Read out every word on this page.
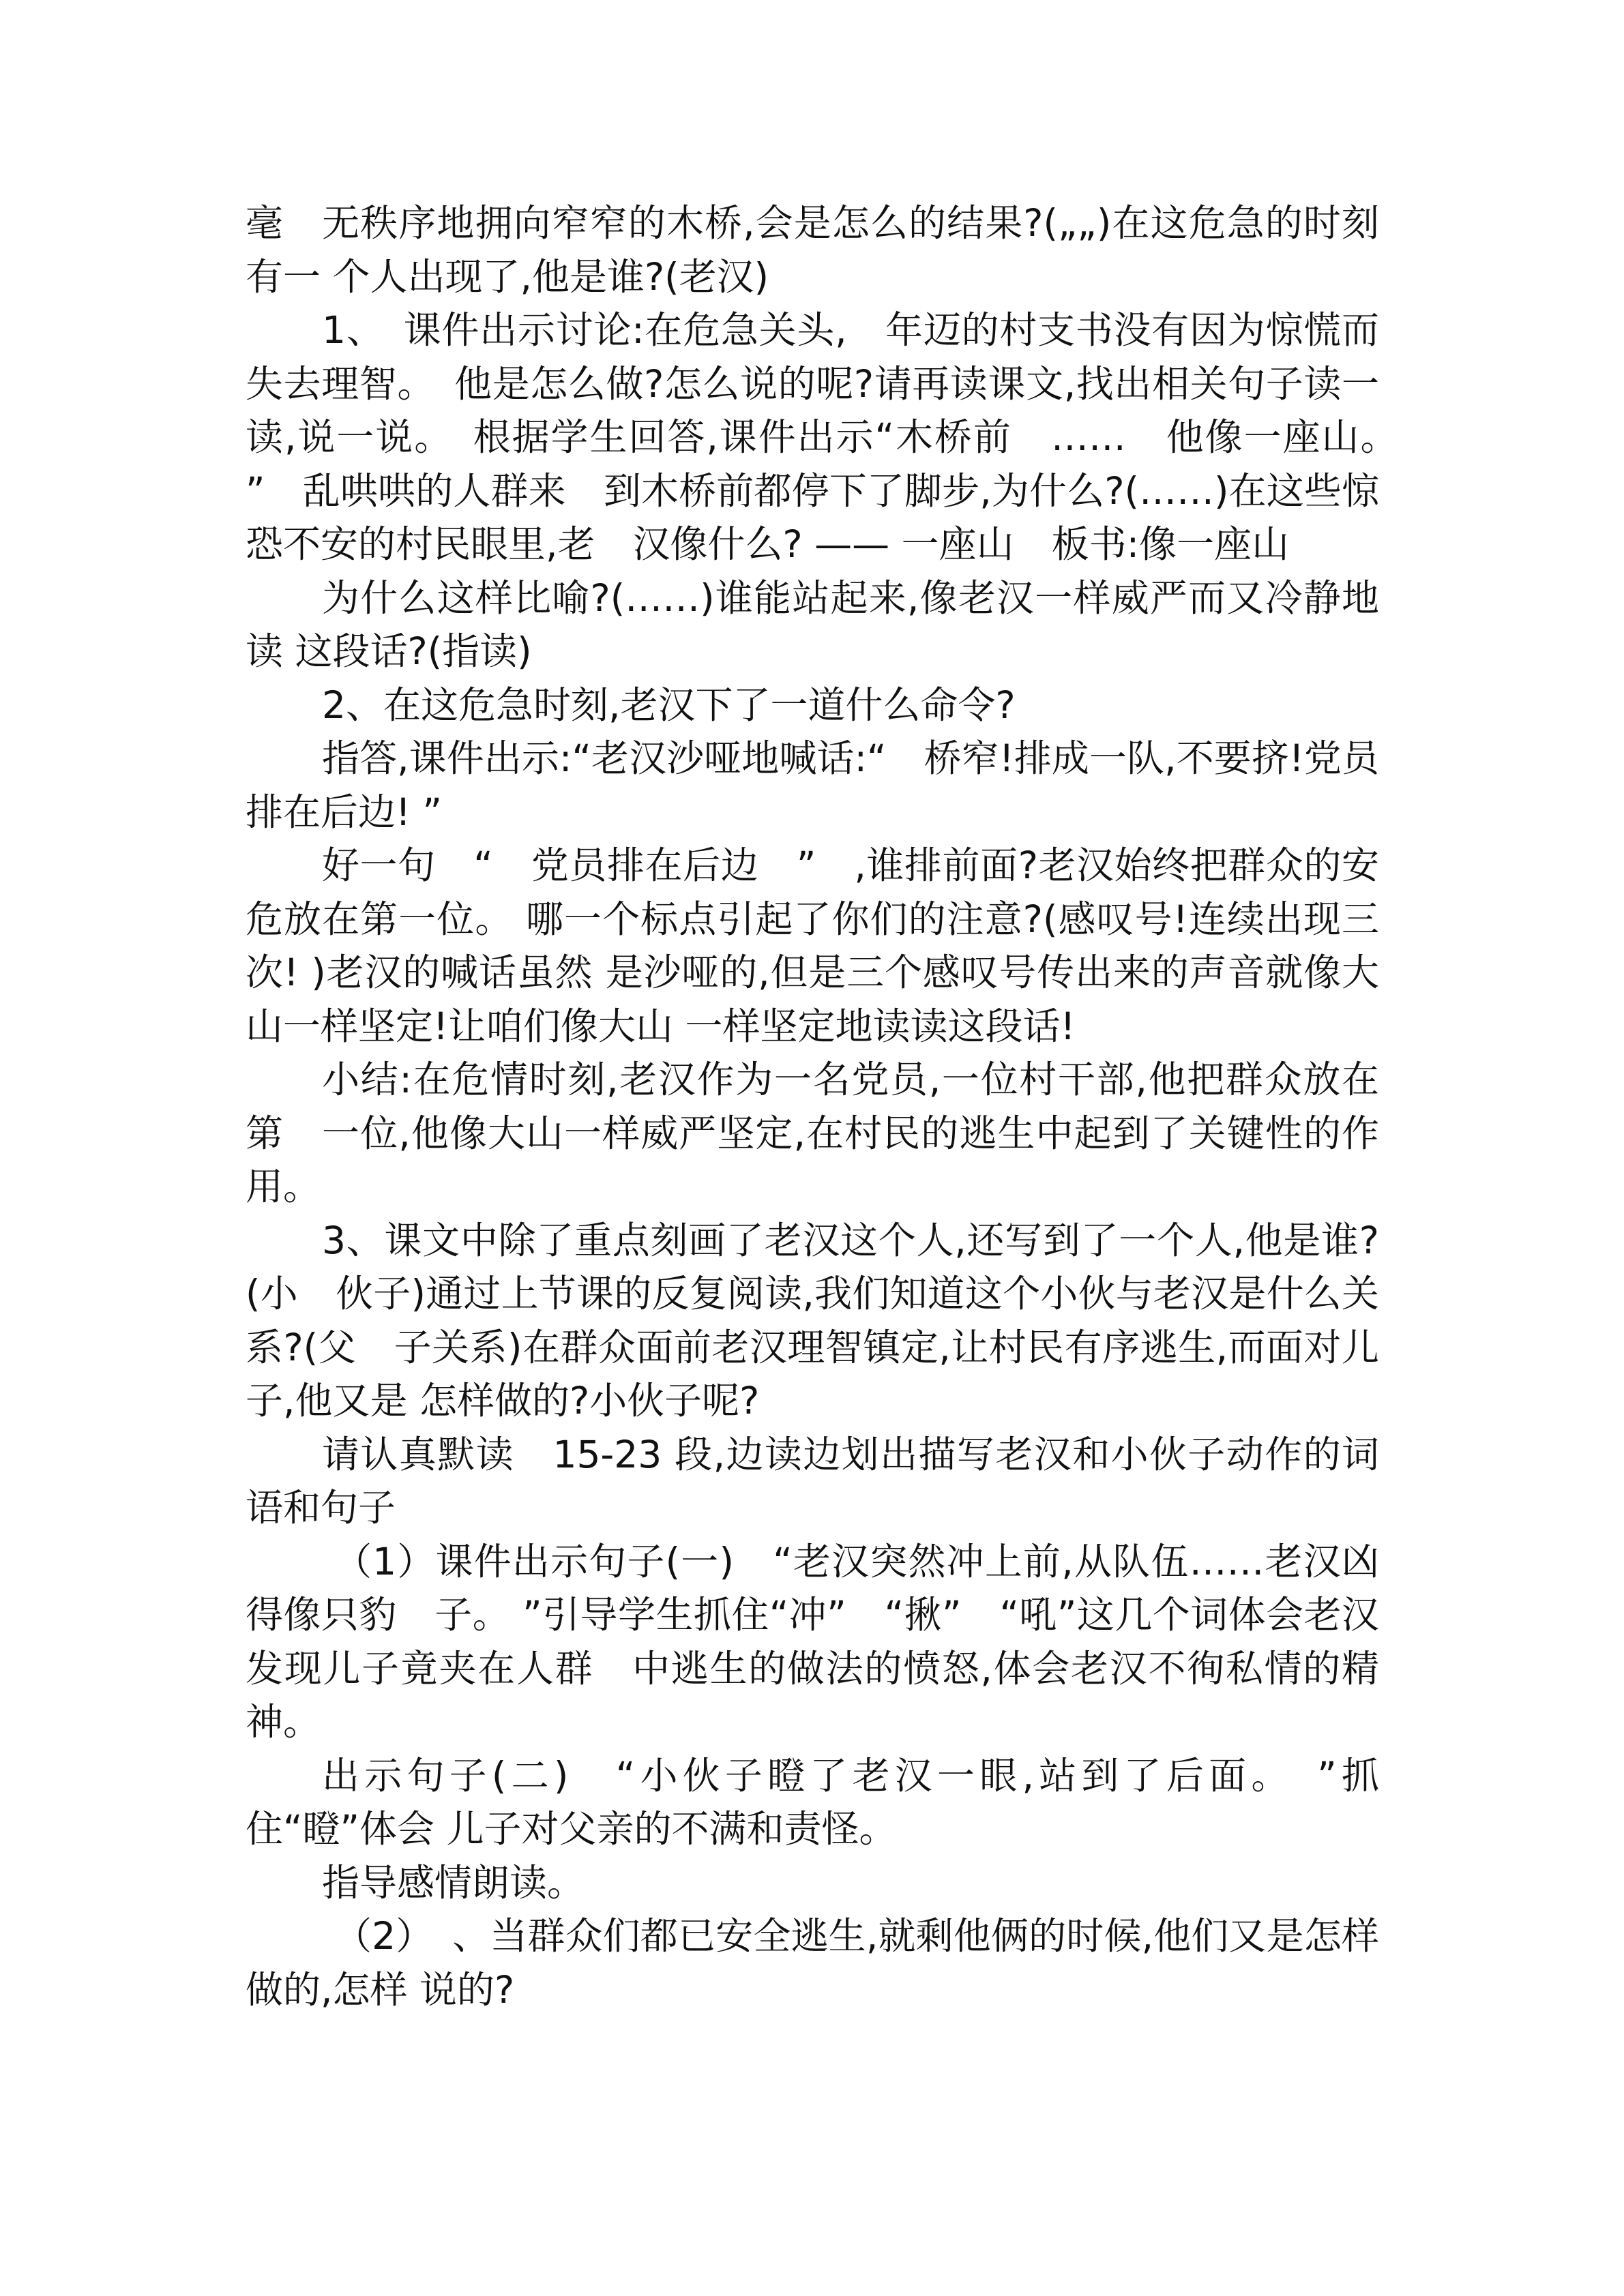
毫　无秩序地拥向窄窄的木桥,会是怎么的结果?(„„)在这危急的时刻有一 个人出现了,他是谁?(老汉)

1、　课件出示讨论:在危急关头,　年迈的村支书没有因为惊慌而失去理智。　他是怎么做?怎么说的呢?请再读课文,找出相关句子读一读,说一说。　根据学生回答,课件出示“木桥前　……　他像一座山。　”　乱哄哄的人群来　到木桥前都停下了脚步,为什么?(……)在这些惊恐不安的村民眼里,老　汉像什么? —— 一座山　板书:像一座山

为什么这样比喻?(……)谁能站起来,像老汉一样威严而又冷静地读 这段话?(指读)

2、在这危急时刻,老汉下了一道什么命令?

指答,课件出示:“老汉沙哑地喊话:“　桥窄!排成一队,不要挤!党员 排在后边! ”

好一句　“　党员排在后边　”　,谁排前面?老汉始终把群众的安危放在第一位。 哪一个标点引起了你们的注意?(感叹号!连续出现三次! )老汉的喊话虽然 是沙哑的,但是三个感叹号传出来的声音就像大山一样坚定!让咱们像大山 一样坚定地读读这段话!

小结:在危情时刻,老汉作为一名党员,一位村干部,他把群众放在第　一位,他像大山一样威严坚定,在村民的逃生中起到了关键性的作用。

3、课文中除了重点刻画了老汉这个人,还写到了一个人,他是谁?(小　伙子)通过上节课的反复阅读,我们知道这个小伙与老汉是什么关系?(父　子关系)在群众面前老汉理智镇定,让村民有序逃生,而面对儿子,他又是 怎样做的?小伙子呢?

请认真默读　15-23 段,边读边划出描写老汉和小伙子动作的词语和句子

（1）课件出示句子(一)　“老汉突然冲上前,从队伍……老汉凶得像只豹　子。 ”引导学生抓住“冲”　“揪”　“吼”这几个词体会老汉发现儿子竟夹在人群　中逃生的做法的愤怒,体会老汉不徇私情的精神。

出示句子(二)　“小伙子瞪了老汉一眼,站到了后面。　”抓住“瞪”体会 儿子对父亲的不满和责怪。

指导感情朗读。

（2）　、当群众们都已安全逃生,就剩他俩的时候,他们又是怎样做的,怎样 说的?
